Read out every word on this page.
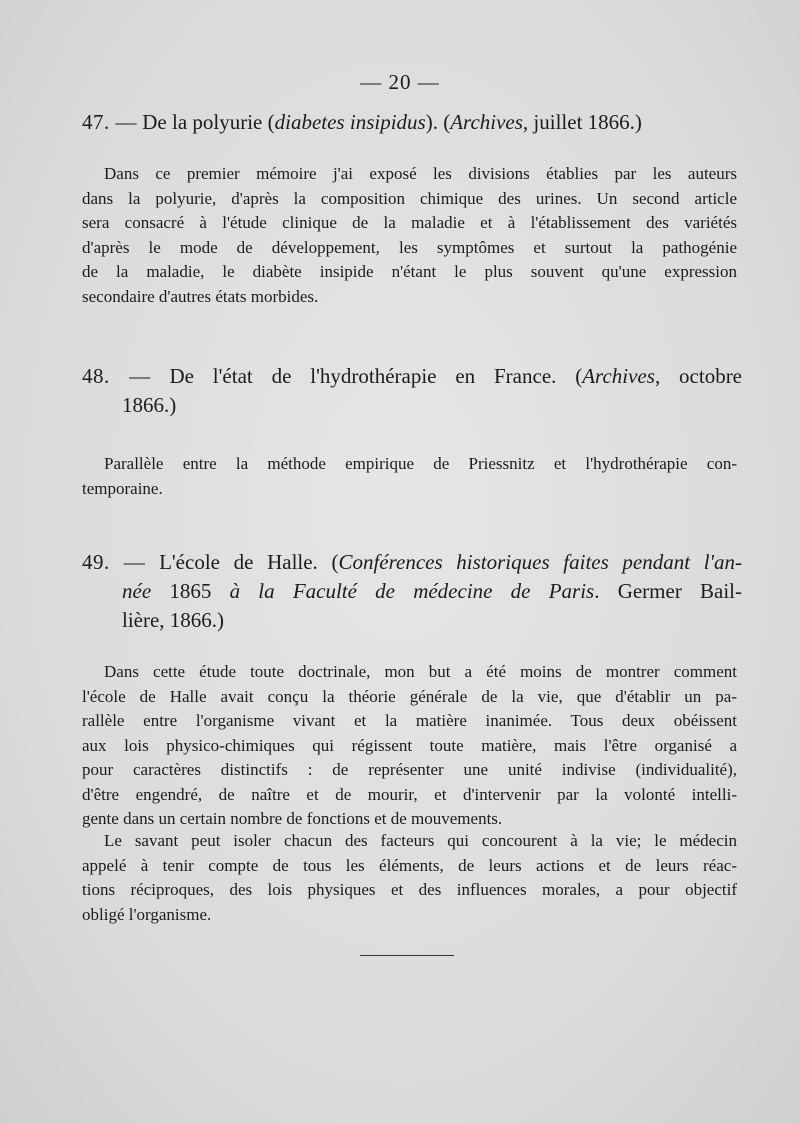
— 20 —
47. — De la polyurie (diabetes insipidus). (Archives, juillet 1866.)
Dans ce premier mémoire j'ai exposé les divisions établies par les auteurs
dans la polyurie, d'après la composition chimique des urines. Un second article
sera consacré à l'étude clinique de la maladie et à l'établissement des variétés
d'après le mode de développement, les symptômes et surtout la pathogénie
de la maladie, le diabète insipide n'étant le plus souvent qu'une expression
secondaire d'autres états morbides.
48. — De l'état de l'hydrothérapie en France. (Archives, octobre
1866.)
Parallèle entre la méthode empirique de Priessnitz et l'hydrothérapie con-
temporaine.
49. — L'école de Halle. (Conférences historiques faites pendant l'an-
née 1865 à la Faculté de médecine de Paris. Germer Bail-
lière, 1866.)
Dans cette étude toute doctrinale, mon but a été moins de montrer comment
l'école de Halle avait conçu la théorie générale de la vie, que d'établir un pa-
rallèle entre l'organisme vivant et la matière inanimée. Tous deux obéissent
aux lois physico-chimiques qui régissent toute matière, mais l'être organisé a
pour caractères distinctifs : de représenter une unité indivise (individualité),
d'être engendré, de naître et de mourir, et d'intervenir par la volonté intelli-
gente dans un certain nombre de fonctions et de mouvements.
Le savant peut isoler chacun des facteurs qui concourent à la vie; le médecin
appelé à tenir compte de tous les éléments, de leurs actions et de leurs réac-
tions réciproques, des lois physiques et des influences morales, a pour objectif
obligé l'organisme.
